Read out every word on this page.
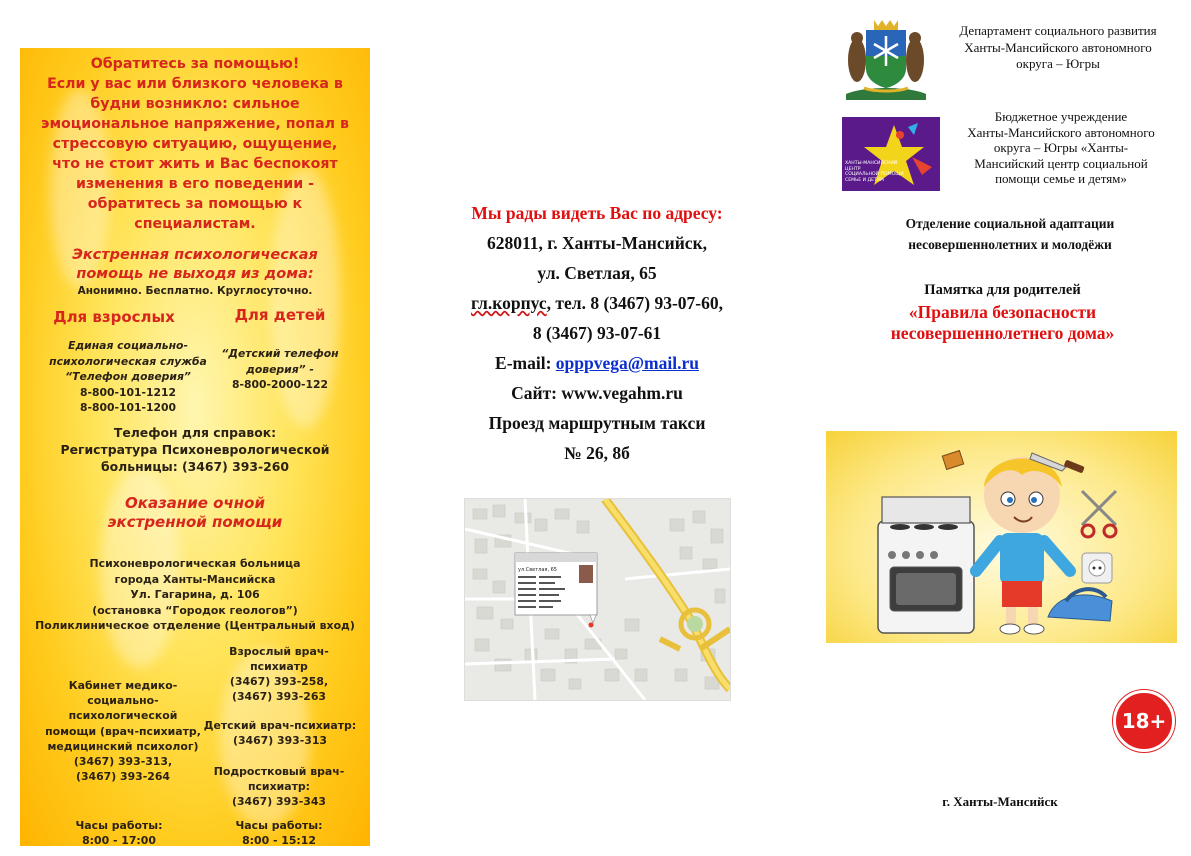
Обратитесь за помощью!
Если у вас или близкого человека в
будни возникло: сильное
эмоциональное напряжение, попал в
стрессовую ситуацию, ощущение,
что не стоит жить и Вас беспокоят
изменения в его поведении -
обратитесь за помощью к
специалистам.
Экстренная психологическая
помощь не выходя из дома:
Анонимно. Бесплатно. Круглосуточно.
Для взрослых	Для детей
Единая социально-
психологическая служба
“Телефон доверия”
8-800-101-1212
8-800-101-1200
“Детский телефон
доверия” -
8-800-2000-122
Телефон для справок:
Регистратура Психоневрологической
больницы: (3467) 393-260
Оказание очной
экстренной помощи
Психоневрологическая больница
города Ханты-Мансийска
Ул. Гагарина, д. 106
(остановка “Городок геологов”)
Поликлиническое отделение (Центральный вход)
Взрослый врач-
психиатр
(3467) 393-258,
(3467) 393-263
Кабинет медико-
социально-
психологической
помощи (врач-психиатр,
медицинский психолог)
(3467) 393-313,
(3467) 393-264
Детский врач-психиатр:
(3467) 393-313
Подростковый врач-
психиатр:
(3467) 393-343
Часы работы:
8:00 - 17:00
Часы работы:
8:00 - 15:12
Мы рады видеть Вас по адресу:
628011, г. Ханты-Мансийск,
ул. Светлая, 65
гл.корпус, тел. 8 (3467) 93-07-60,
8 (3467) 93-07-61
E-mail: opppvega@mail.ru
Сайт: www.vegahm.ru
Проезд маршрутным такси
№ 26, 8б
ул.Светлая, 65
Департамент социального развития
Ханты-Мансийского автономного
округа – Югры
ХАНТЫ-МАНСИЙСКИЙ
ЦЕНТР
СОЦИАЛЬНОЙ ПОМОЩИ
СЕМЬЕ И ДЕТЯМ
Бюджетное учреждение
Ханты-Мансийского автономного
округа – Югры «Ханты-
Мансийский центр социальной
помощи семье и детям»
Отделение социальной адаптации
несовершеннолетних и молодёжи
Памятка для родителей
«Правила безопасности
несовершеннолетнего дома»
18+
г. Ханты-Мансийск
